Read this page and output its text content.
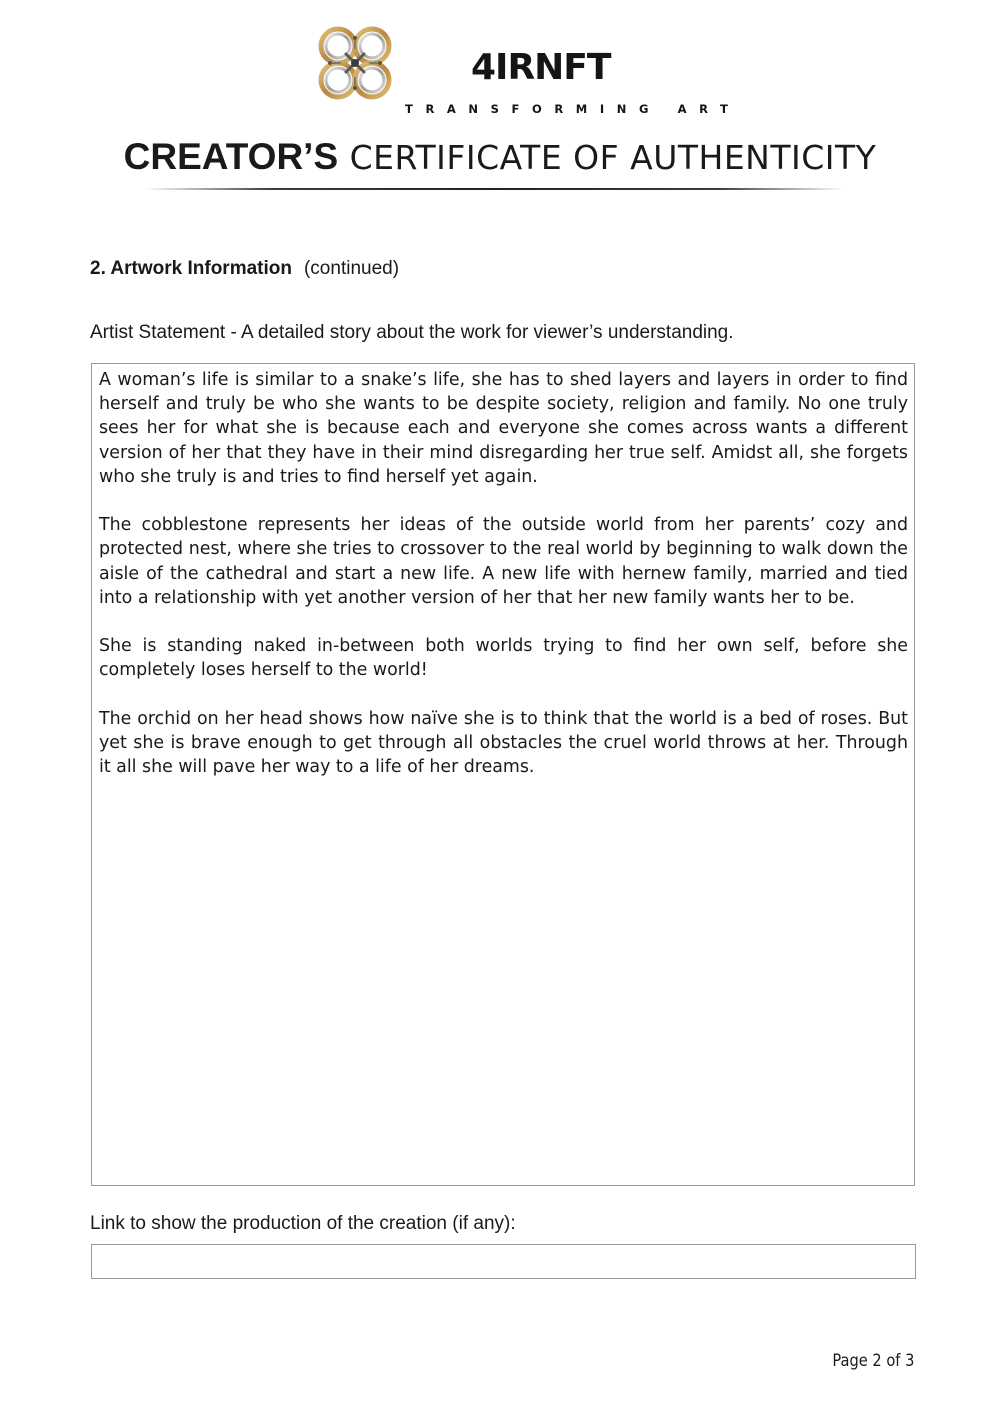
4IRNFT
TRANSFORMING ART
CREATOR’S CERTIFICATE OF AUTHENTICITY
2. Artwork Information (continued)
Artist Statement - A detailed story about the work for viewer’s understanding.

A woman’s life is similar to a snake’s life, she has to shed layers and layers in order to find herself and truly be who she wants to be despite society, religion and family. No one truly sees her for what she is because each and everyone she comes across wants a different version of her that they have in their mind disregarding her true self. Amidst all, she forgets who she truly is and tries to find herself yet again.

The cobblestone represents her ideas of the outside world from her parents’ cozy and protected nest, where she tries to crossover to the real world by beginning to walk down the aisle of the cathedral and start a new life. A new life with hernew family, married and tied into a relationship with yet another version of her that her new family wants her to be.

She is standing naked in-between both worlds trying to find her own self, before she completely loses herself to the world!

The orchid on her head shows how naïve she is to think that the world is a bed of roses. But yet she is brave enough to get through all obstacles the cruel world throws at her. Through it all she will pave her way to a life of her dreams.

Link to show the production of the creation (if any):
Page 2 of 3
